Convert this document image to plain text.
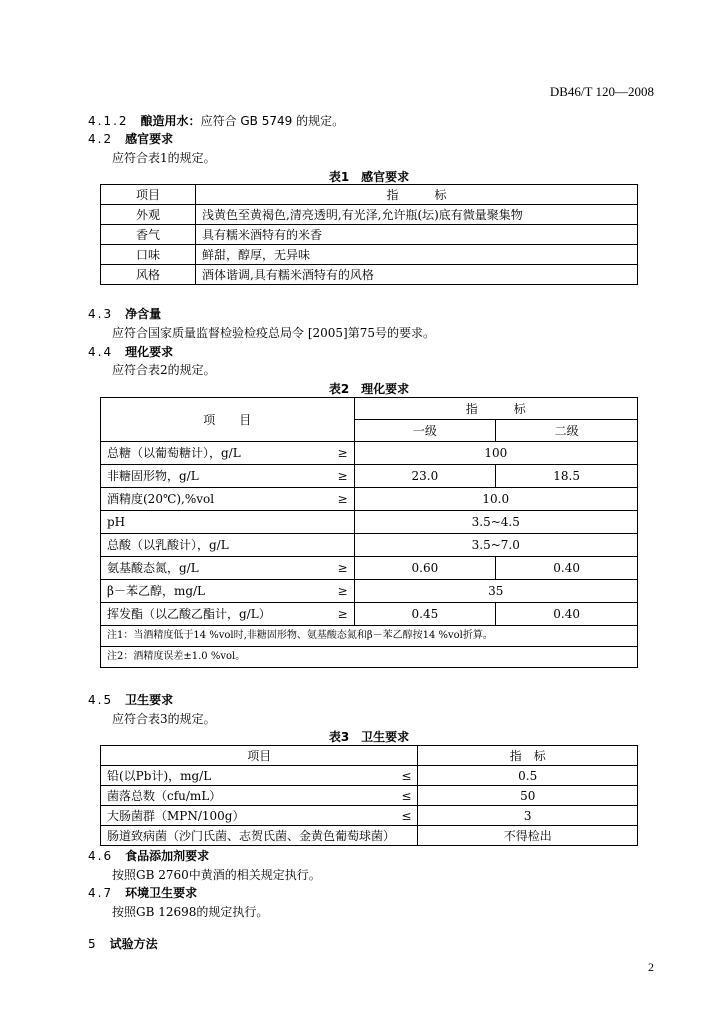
DB46/T 120—2008
4.1.2 酿造用水：应符合 GB 5749 的规定。
4.2 感官要求
应符合表1的规定。
表1　感官要求
项目	指　　　标
外观	浅黄色至黄褐色,清亮透明,有光泽,允许瓶(坛)底有微量聚集物
香气	具有糯米酒特有的米香
口味	鲜甜，醇厚，无异味
风格	酒体谐调,具有糯米酒特有的风格
4.3 净含量
应符合国家质量监督检验检疫总局令 [2005]第75号的要求。
4.4 理化要求
应符合表2的规定。
表2　理化要求
项　　目	指　　　标	
	一级	二级
总糖（以葡萄糖计），g/L ≥	100	
非糖固形物，g/L ≥	23.0	18.5
酒精度(20℃),%vol ≥	10.0	
pH	3.5~4.5	
总酸（以乳酸计），g/L	3.5~7.0	
氨基酸态氮，g/L ≥	0.60	0.40
β－苯乙醇，mg/L ≥	35	
挥发酯（以乙酸乙酯计，g/L） ≥	0.45	0.40
注1：当酒精度低于14 %vol时,非糖固形物、氨基酸态氮和β－苯乙醇按14 %vol折算。		
注2：酒精度误差±1.0 %vol。		
4.5 卫生要求
应符合表3的规定。
表3　卫生要求
项目	指　标
铅(以Pb计)，mg/L ≤	0.5
菌落总数（cfu/mL） ≤	50
大肠菌群（MPN/100g） ≤	3
肠道致病菌（沙门氏菌、志贺氏菌、金黄色葡萄球菌）	不得检出
4.6 食品添加剂要求
按照GB 2760中黄酒的相关规定执行。
4.7 环境卫生要求
按照GB 12698的规定执行。
5 试验方法
2
